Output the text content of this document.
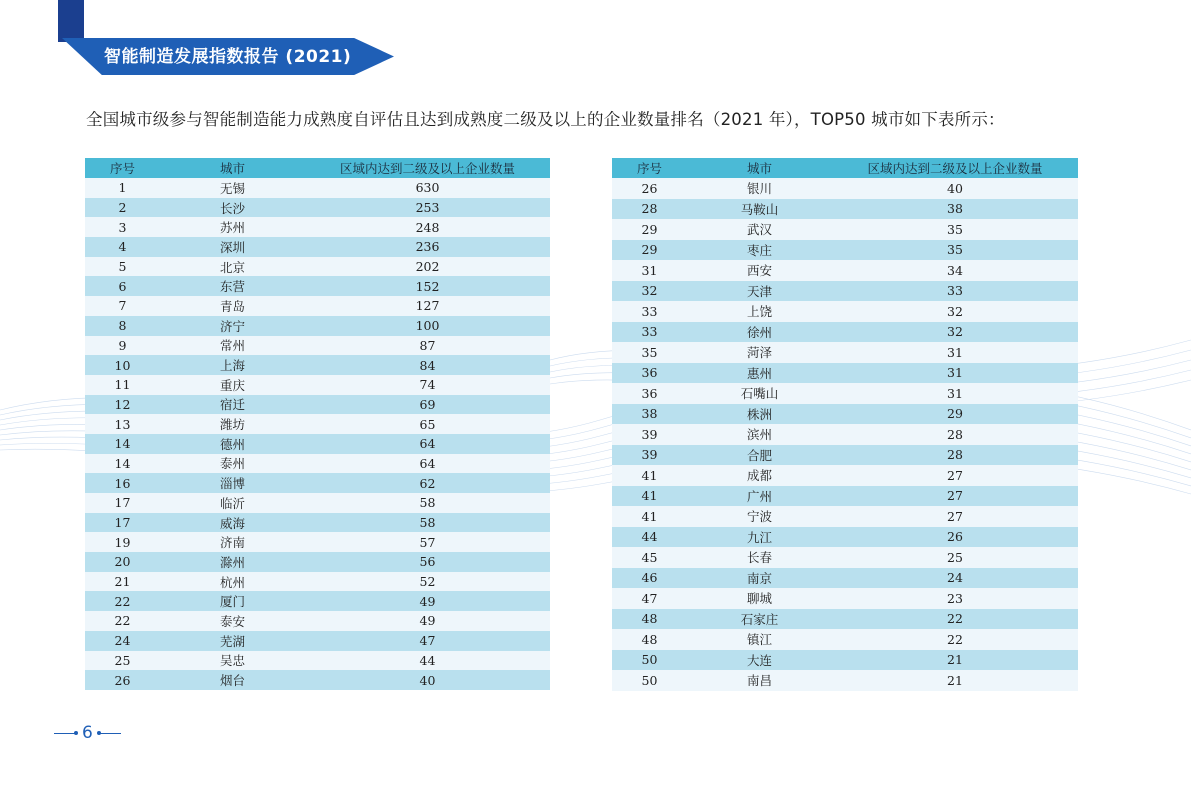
智能制造发展指数报告 (2021)
全国城市级参与智能制造能力成熟度自评估且达到成熟度二级及以上的企业数量排名（2021 年），TOP50 城市如下表所示：
序号	城市	区域内达到二级及以上企业数量
1	无锡	630
2	长沙	253
3	苏州	248
4	深圳	236
5	北京	202
6	东营	152
7	青岛	127
8	济宁	100
9	常州	87
10	上海	84
11	重庆	74
12	宿迁	69
13	潍坊	65
14	德州	64
14	泰州	64
16	淄博	62
17	临沂	58
17	威海	58
19	济南	57
20	滁州	56
21	杭州	52
22	厦门	49
22	泰安	49
24	芜湖	47
25	吴忠	44
26	烟台	40
序号	城市	区域内达到二级及以上企业数量
26	银川	40
28	马鞍山	38
29	武汉	35
29	枣庄	35
31	西安	34
32	天津	33
33	上饶	32
33	徐州	32
35	菏泽	31
36	惠州	31
36	石嘴山	31
38	株洲	29
39	滨州	28
39	合肥	28
41	成都	27
41	广州	27
41	宁波	27
44	九江	26
45	长春	25
46	南京	24
47	聊城	23
48	石家庄	22
48	镇江	22
50	大连	21
50	南昌	21
6
